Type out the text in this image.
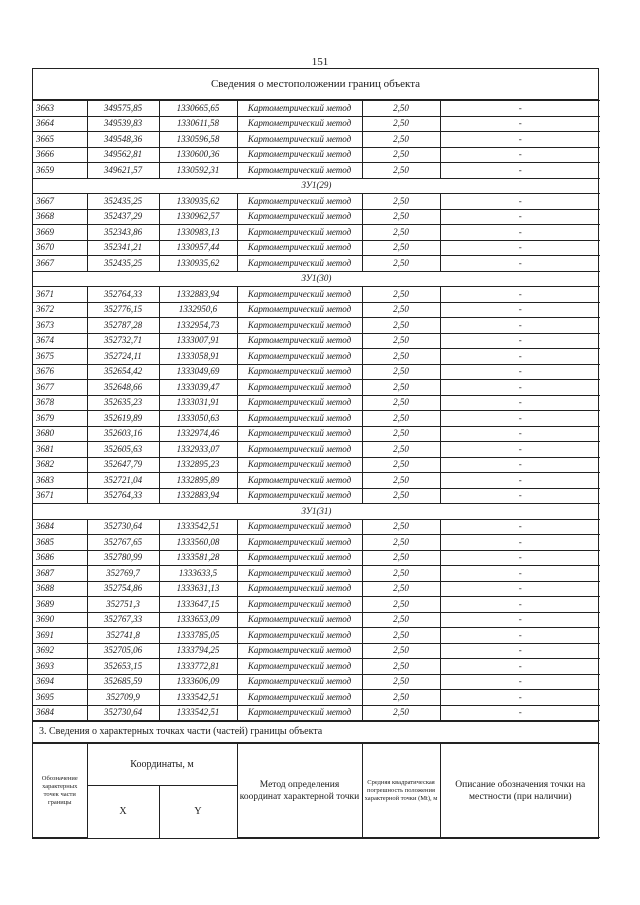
151
Сведения о местоположении границ объекта
3663	349575,85	1330665,65	Картометрический метод	2,50	-
3664	349539,83	1330611,58	Картометрический метод	2,50	-
3665	349548,36	1330596,58	Картометрический метод	2,50	-
3666	349562,81	1330600,36	Картометрический метод	2,50	-
3659	349621,57	1330592,31	Картометрический метод	2,50	-
ЗУ1(29)					
3667	352435,25	1330935,62	Картометрический метод	2,50	-
3668	352437,29	1330962,57	Картометрический метод	2,50	-
3669	352343,86	1330983,13	Картометрический метод	2,50	-
3670	352341,21	1330957,44	Картометрический метод	2,50	-
3667	352435,25	1330935,62	Картометрический метод	2,50	-
ЗУ1(30)					
3671	352764,33	1332883,94	Картометрический метод	2,50	-
3672	352776,15	1332950,6	Картометрический метод	2,50	-
3673	352787,28	1332954,73	Картометрический метод	2,50	-
3674	352732,71	1333007,91	Картометрический метод	2,50	-
3675	352724,11	1333058,91	Картометрический метод	2,50	-
3676	352654,42	1333049,69	Картометрический метод	2,50	-
3677	352648,66	1333039,47	Картометрический метод	2,50	-
3678	352635,23	1333031,91	Картометрический метод	2,50	-
3679	352619,89	1333050,63	Картометрический метод	2,50	-
3680	352603,16	1332974,46	Картометрический метод	2,50	-
3681	352605,63	1332933,07	Картометрический метод	2,50	-
3682	352647,79	1332895,23	Картометрический метод	2,50	-
3683	352721,04	1332895,89	Картометрический метод	2,50	-
3671	352764,33	1332883,94	Картометрический метод	2,50	-
ЗУ1(31)					
3684	352730,64	1333542,51	Картометрический метод	2,50	-
3685	352767,65	1333560,08	Картометрический метод	2,50	-
3686	352780,99	1333581,28	Картометрический метод	2,50	-
3687	352769,7	1333633,5	Картометрический метод	2,50	-
3688	352754,86	1333631,13	Картометрический метод	2,50	-
3689	352751,3	1333647,15	Картометрический метод	2,50	-
3690	352767,33	1333653,09	Картометрический метод	2,50	-
3691	352741,8	1333785,05	Картометрический метод	2,50	-
3692	352705,06	1333794,25	Картометрический метод	2,50	-
3693	352653,15	1333772,81	Картометрический метод	2,50	-
3694	352685,59	1333606,09	Картометрический метод	2,50	-
3695	352709,9	1333542,51	Картометрический метод	2,50	-
3684	352730,64	1333542,51	Картометрический метод	2,50	-
3. Сведения о характерных точках части (частей) границы объекта
Обозначение характерных точек части границы	Координаты, м		Метод определения координат характерной точки	Средняя квадратическая погрешность положения характерной точки (Mt), м	Описание обозначения точки на местности (при наличии)
	X	Y			
